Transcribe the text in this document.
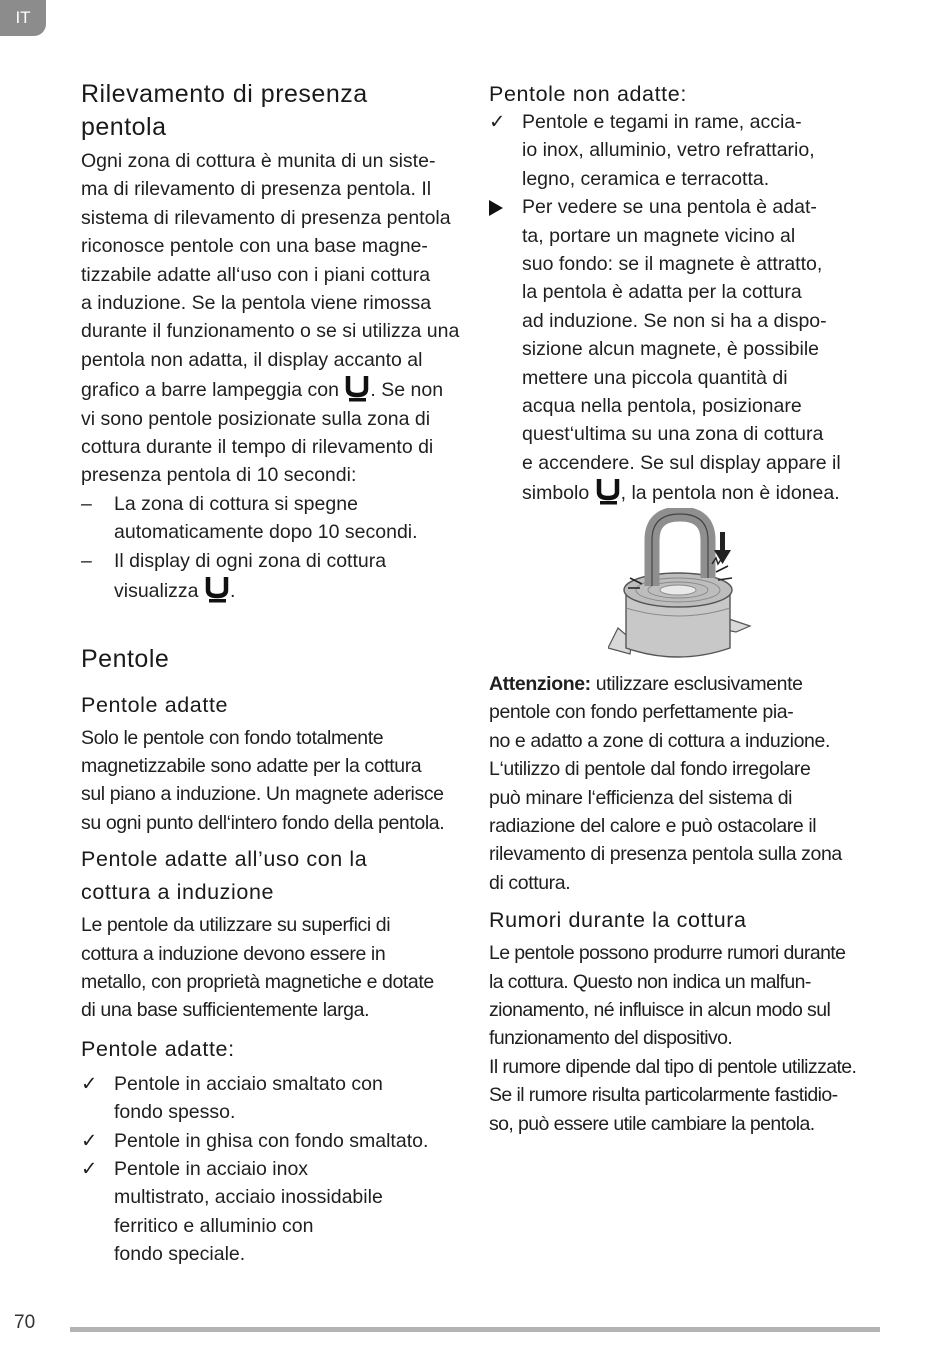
IT
Rilevamento di presenza
pentola

Ogni zona di cottura è munita di un siste-
ma di rilevamento di presenza pentola. Il
sistema di rilevamento di presenza pentola
riconosce pentole con una base magne-
tizzabile adatte all‘uso con i piani cottura
a induzione. Se la pentola viene rimossa
durante il funzionamento o se si utilizza una
pentola non adatta, il display accanto al
grafico a barre lampeggia con
. Se non
vi sono pentole posizionate sulla zona di
cottura durante il tempo di rilevamento di
presenza pentola di 10 secondi:

–	La zona di cottura si spegne
automaticamente dopo 10 secondi.
–	Il display di ogni zona di cottura
visualizza
.
Pentole
Pentole adatte

Solo le pentole con fondo totalmente
magnetizzabile sono adatte per la cottura
sul piano a induzione. Un magnete aderisce
su ogni punto dell‘intero fondo della pentola.

Pentole adatte all’uso con la
cottura a induzione

Le pentole da utilizzare su superfici di
cottura a induzione devono essere in
metallo, con proprietà magnetiche e dotate
di una base sufficientemente larga.

Pentole adatte:
✓ Pentole in acciaio smaltato con
fondo spesso.
✓ Pentole in ghisa con fondo smaltato.
✓ Pentole in acciaio inox
multistrato, acciaio inossidabile
ferritico e alluminio con
fondo speciale.
Pentole non adatte:
✓ Pentole e tegami in rame, accia-
io inox, alluminio, vetro refrattario,
legno, ceramica e terracotta.
Per vedere se una pentola è adat-
ta, portare un magnete vicino al
suo fondo: se il magnete è attratto,
la pentola è adatta per la cottura
ad induzione. Se non si ha a dispo-
sizione alcun magnete, è possibile
mettere una piccola quantità di
acqua nella pentola, posizionare
quest‘ultima su una zona di cottura
e accendere. Se sul display appare il
simbolo
, la pentola non è idonea.

Attenzione: utilizzare esclusivamente
pentole con fondo perfettamente pia-
no e adatto a zone di cottura a induzione.
L‘utilizzo di pentole dal fondo irregolare
può minare l‘efficienza del sistema di
radiazione del calore e può ostacolare il
rilevamento di presenza pentola sulla zona
di cottura.

Rumori durante la cottura

Le pentole possono produrre rumori durante
la cottura. Questo non indica un malfun-
zionamento, né influisce in alcun modo sul
funzionamento del dispositivo.
Il rumore dipende dal tipo di pentole utilizzate.
Se il rumore risulta particolarmente fastidio-
so, può essere utile cambiare la pentola.

70
